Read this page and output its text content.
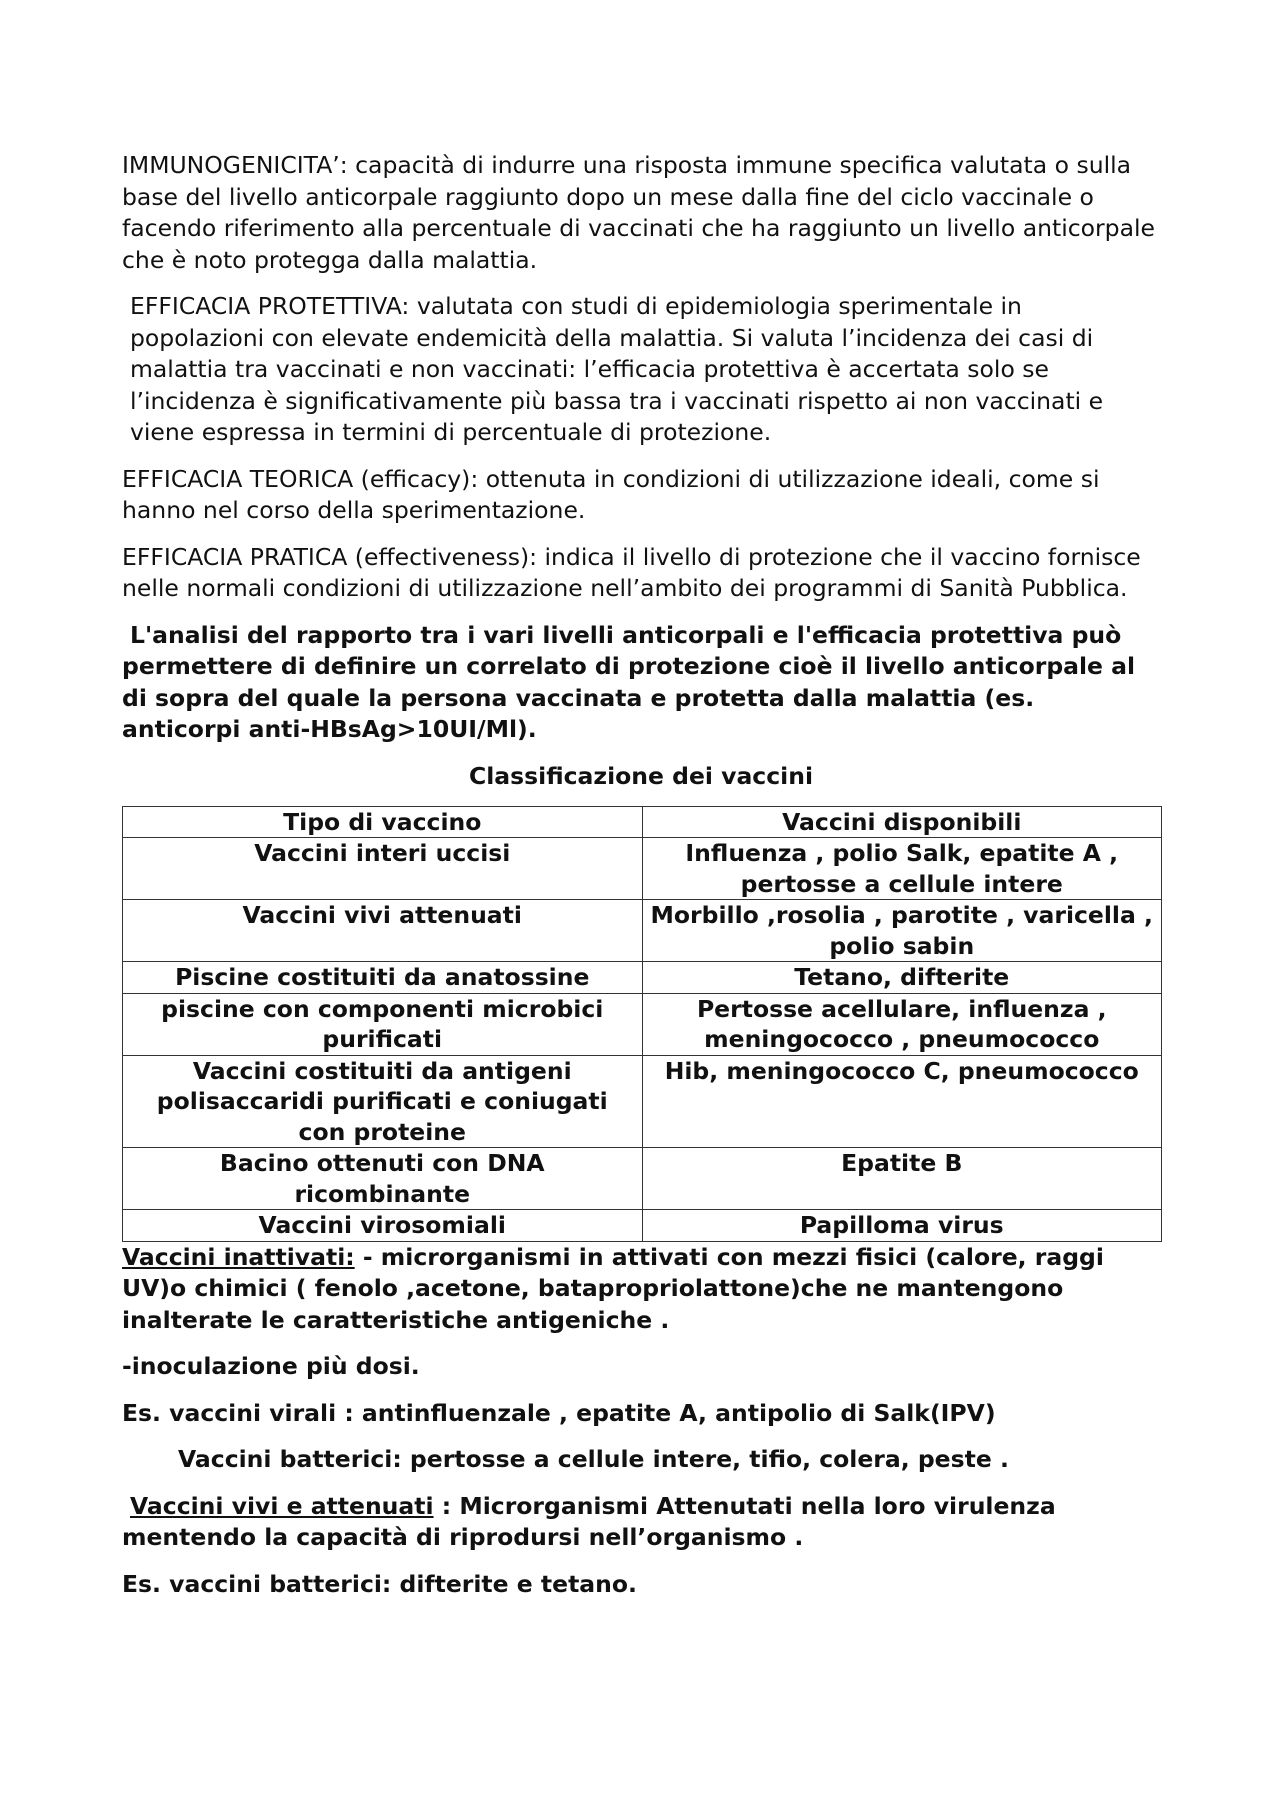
IMMUNOGENICITA’: capacità di indurre una risposta immune specifica valutata o sulla base del livello anticorpale raggiunto dopo un mese dalla fine del ciclo vaccinale o facendo riferimento alla percentuale di vaccinati che ha raggiunto un livello anticorpale che è noto protegga dalla malattia.

EFFICACIA PROTETTIVA: valutata con studi di epidemiologia sperimentale in popolazioni con elevate endemicità della malattia. Si valuta l’incidenza dei casi di malattia tra vaccinati e non vaccinati: l’efficacia protettiva è accertata solo se l’incidenza è significativamente più bassa tra i vaccinati rispetto ai non vaccinati e viene espressa in termini di percentuale di protezione.

EFFICACIA TEORICA (efficacy): ottenuta in condizioni di utilizzazione ideali, come si hanno nel corso della sperimentazione.

EFFICACIA PRATICA (effectiveness): indica il livello di protezione che il vaccino fornisce nelle normali condizioni di utilizzazione nell’ambito dei programmi di Sanità Pubblica.

L'analisi del rapporto tra i vari livelli anticorpali e l'efficacia protettiva può permettere di definire un correlato di protezione cioè il livello anticorpale al di sopra del quale la persona vaccinata e protetta dalla malattia (es. anticorpi anti-HBsAg>10UI/Ml).

Classificazione dei vaccini
Tipo di vaccino	Vaccini disponibili
Vaccini interi uccisi	Influenza , polio Salk, epatite A , pertosse a cellule intere
Vaccini vivi attenuati	Morbillo ,rosolia , parotite , varicella , polio sabin
Piscine costituiti da anatossine	Tetano, difterite
piscine con componenti microbici purificati	Pertosse acellulare, influenza , meningococco , pneumococco
Vaccini costituiti da antigeni polisaccaridi purificati e coniugati con proteine	Hib, meningococco C, pneumococco
Bacino ottenuti con DNA ricombinante	Epatite B
Vaccini virosomiali	Papilloma virus

Vaccini inattivati: - microrganismi in attivati con mezzi fisici (calore, raggi UV)o chimici ( fenolo ,acetone, batapropriolattone)che ne mantengono inalterate le caratteristiche antigeniche .

-inoculazione più dosi.

Es. vaccini virali : antinfluenzale , epatite A, antipolio di Salk(IPV)

Vaccini batterici: pertosse a cellule intere, tifio, colera, peste .

Vaccini vivi e attenuati : Microrganismi Attenutati nella loro virulenza mentendo la capacità di riprodursi nell’organismo .

Es. vaccini batterici: difterite e tetano.
